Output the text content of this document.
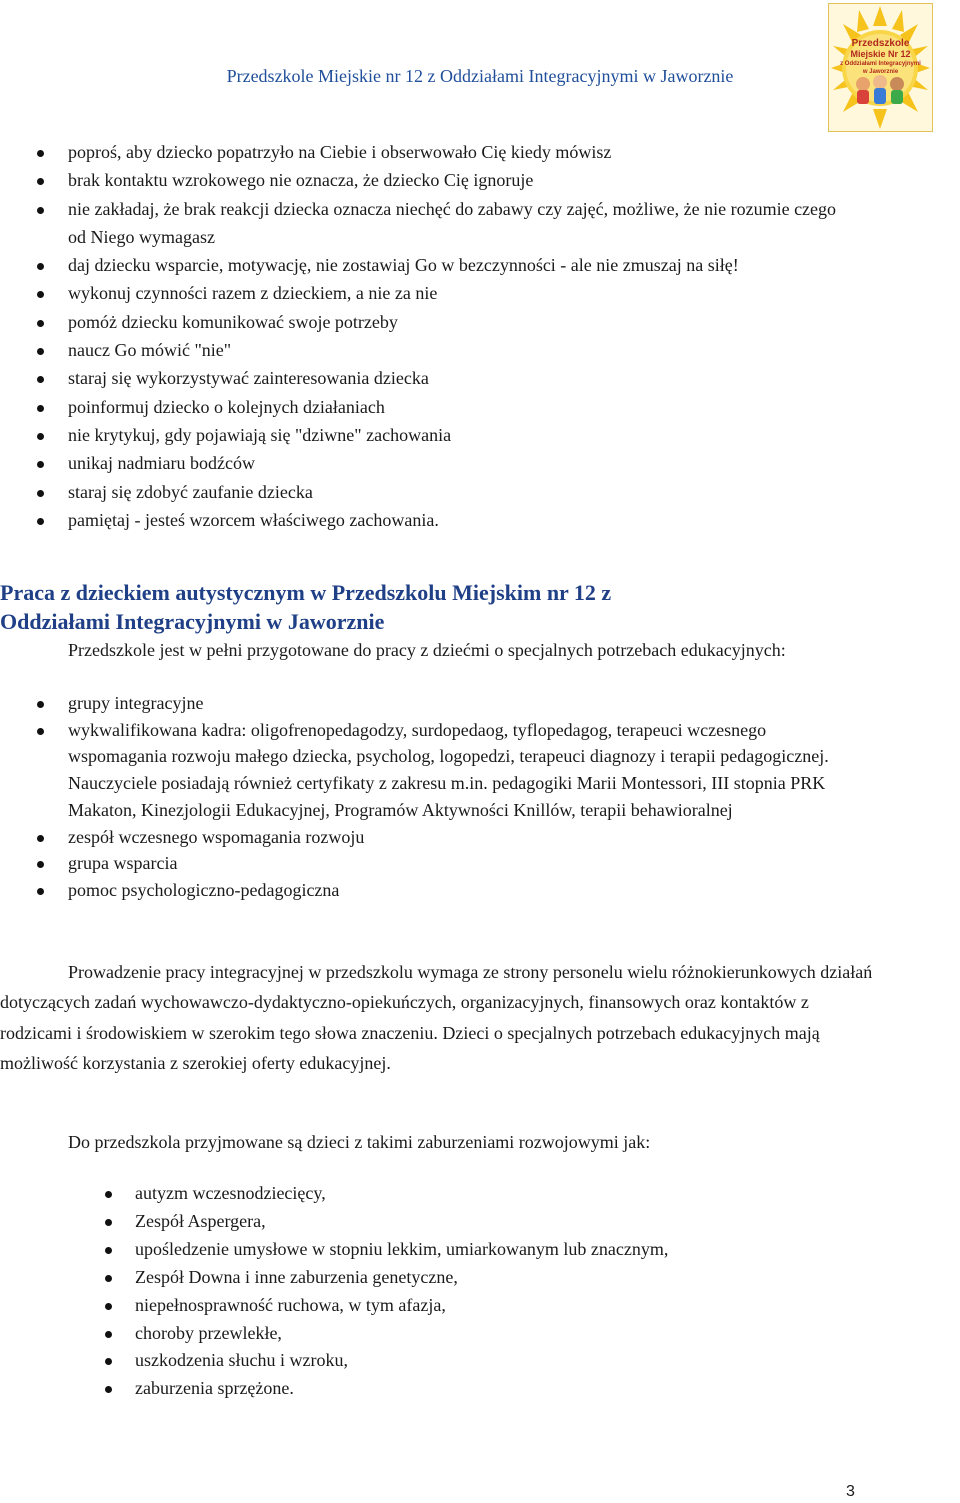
Przedszkole Miejskie nr 12 z Oddziałami Integracyjnymi w Jaworznie
Przedszkole
Miejskie Nr 12
z Oddziałami Integracyjnymi
w Jaworznie
poproś, aby dziecko popatrzyło na Ciebie i obserwowało Cię kiedy mówisz
brak kontaktu wzrokowego nie oznacza, że dziecko Cię ignoruje
nie zakładaj, że brak reakcji dziecka oznacza niechęć do zabawy czy zajęć, możliwe, że nie rozumie czego od Niego wymagasz
daj dziecku wsparcie, motywację, nie zostawiaj Go w bezczynności - ale nie zmuszaj na siłę!
wykonuj czynności razem z dzieckiem, a nie za nie
pomóż dziecku komunikować swoje potrzeby
naucz Go mówić "nie"
staraj się wykorzystywać zainteresowania dziecka
poinformuj dziecko o kolejnych działaniach
nie krytykuj, gdy pojawiają się "dziwne" zachowania
unikaj nadmiaru bodźców
staraj się zdobyć zaufanie dziecka
pamiętaj - jesteś wzorcem właściwego zachowania.
Praca z dzieckiem autystycznym w Przedszkolu Miejskim nr 12 z
Oddziałami Integracyjnymi w Jaworznie
Przedszkole jest w pełni przygotowane do pracy z dziećmi o specjalnych potrzebach edukacyjnych:
grupy integracyjne
wykwalifikowana kadra: oligofrenopedagodzy, surdopedaog, tyflopedagog, terapeuci wczesnego wspomagania rozwoju małego dziecka, psycholog, logopedzi, terapeuci diagnozy i terapii pedagogicznej. Nauczyciele posiadają również certyfikaty z zakresu m.in. pedagogiki Marii Montessori, III stopnia PRK Makaton, Kinezjologii Edukacyjnej, Programów Aktywności Knillów, terapii behawioralnej
zespół wczesnego wspomagania rozwoju
grupa wsparcia
pomoc psychologiczno-pedagogiczna
Prowadzenie pracy integracyjnej w przedszkolu wymaga ze strony personelu wielu różnokierunkowych działań dotyczących zadań wychowawczo-dydaktyczno-opiekuńczych, organizacyjnych, finansowych oraz kontaktów z rodzicami i środowiskiem w szerokim tego słowa znaczeniu. Dzieci o specjalnych potrzebach edukacyjnych mają możliwość korzystania z szerokiej oferty edukacyjnej.
Do przedszkola przyjmowane są dzieci z takimi zaburzeniami rozwojowymi jak:
autyzm wczesnodziecięcy,
Zespół Aspergera,
upośledzenie umysłowe w stopniu lekkim, umiarkowanym lub znacznym,
Zespół Downa i inne zaburzenia genetyczne,
niepełnosprawność ruchowa, w tym afazja,
choroby przewlekłe,
uszkodzenia słuchu i wzroku,
zaburzenia sprzężone.
3
